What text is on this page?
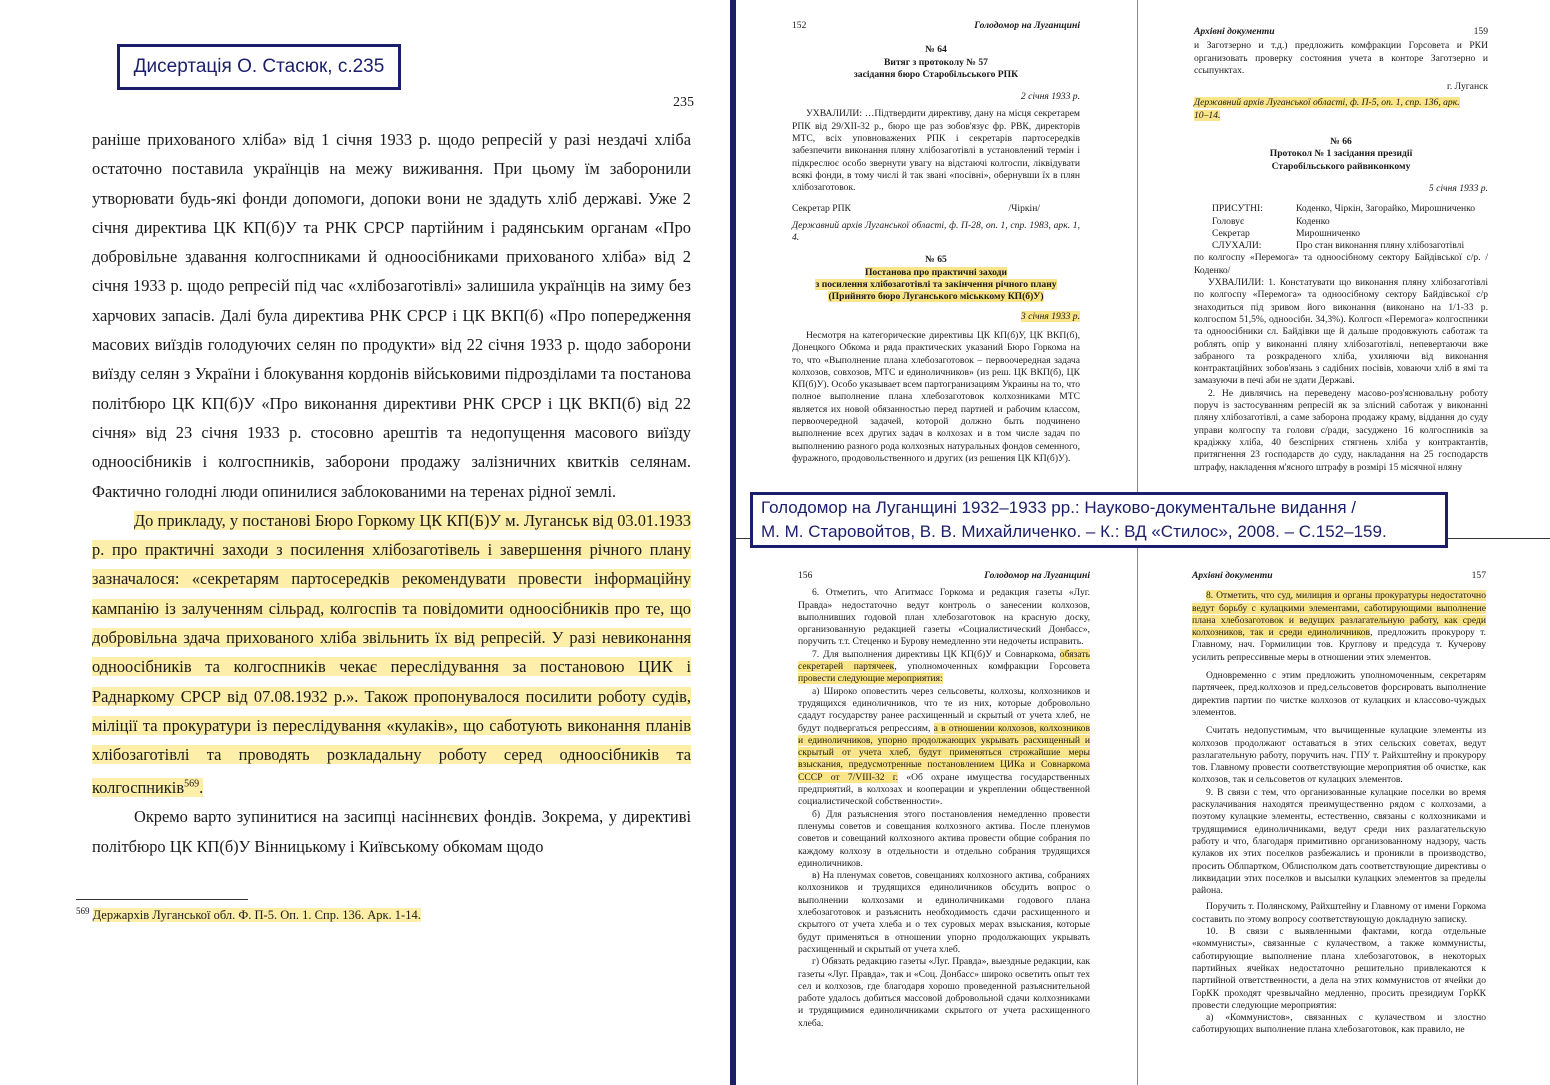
Дисертація О. Стасюк, с.235
235

раніше прихованого хліба» від 1 січня 1933 р. щодо репресій у разі нездачі хліба остаточно поставила українців на межу виживання. При цьому їм заборонили утворювати будь-які фонди допомоги, допоки вони не здадуть хліб державі. Уже 2 січня директива ЦК КП(б)У та РНК СРСР партійним і радянським органам «Про добровільне здавання колгоспниками й одноосібниками прихованого хліба» від 2 січня 1933 р. щодо репресій під час «хлібозаготівлі» залишила українців на зиму без харчових запасів. Далі була директива РНК СРСР і ЦК ВКП(б) «Про попередження масових виїздів голодуючих селян по продукти» від 22 січня 1933 р. щодо заборони виїзду селян з України і блокування кордонів військовими підрозділами та постанова політбюро ЦК КП(б)У «Про виконання директиви РНК СРСР і ЦК ВКП(б) від 22 січня» від 23 січня 1933 р. стосовно арештів та недопущення масового виїзду одноосібників і колгоспників, заборони продажу залізничних квитків селянам. Фактично голодні люди опинилися заблокованими на теренах рідної землі.

До прикладу, у постанові Бюро Горкому ЦК КП(Б)У м. Луганськ від 03.01.1933 р. про практичні заходи з посилення хлібозаготівель і завершення річного плану зазначалося: «секретарям партосередків рекомендувати провести інформаційну кампанію із залученням сільрад, колгоспів та повідомити одноосібників про те, що добровільна здача прихованого хліба звільнить їх від репресій. У разі невиконання одноосібників та колгоспників чекає переслідування за постановою ЦИК і Раднаркому СРСР від 07.08.1932 р.». Також пропонувалося посилити роботу судів, міліції та прокуратури із переслідування «кулаків», що саботують виконання планів хлібозаготівлі та проводять розкладальну роботу серед одноосібників та колгоспників$^{569}$.

Окремо варто зупинитися на засипці насіннєвих фондів. Зокрема, у директиві політбюро ЦК КП(б)У Вінницькому і Київському обкомам щодо

$^{569}$ Держархів Луганської обл. Ф. П-5. Оп. 1. Спр. 136. Арк. 1-14.
152	Голодомор на Луганщині

№ 64

Витяг з протоколу № 57

засідання бюро Старобільського РПК

2 січня 1933 р.

УХВАЛИЛИ: …Підтвердити директиву, дану на місця секретарем РПК від 29/ХІІ-32 р., бюро ще раз зобов'язує фр. РВК, директорів МТС, всіх уповноважених РПК і секретарів партосередків забезпечити виконання пляну хлібозаготівлі в установлений термін і підкреслює особо звернути увагу на відстаючі колгоспи, ліквідувати всякі фонди, в тому числі й так звані «посівні», обернувши їх в плян хлібозаготовок.

Секретар РПК	/Чіркін/

Державний архів Луганської області, ф. П-28, оп. 1, спр. 1983, арк. 1, 4.

№ 65

Постанова про практичні заходи

з посилення хлібозаготівлі та закінчення річного плану

(Прийнято бюро Луганського міськкому КП(б)У)

3 січня 1933 р.

Несмотря на категорические директивы ЦК КП(б)У, ЦК ВКП(б), Донецкого Обкома и ряда практических указаний Бюро Горкома на то, что «Выполнение плана хлебозаготовок – первоочередная задача колхозов, совхозов, МТС и единоличников» (из реш. ЦК ВКП(б), ЦК КП(б)У). Особо указывает всем партогранизациям Украины на то, что полное выполнение плана хлебозаготовок колхозниками МТС является их новой обязанностью перед партией и рабочим классом, первоочередной задачей, которой должно быть подчинено выполнение всех других задач в колхозах и в том числе задач по выполнению разного рода колхозных натуральных фондов семенного, фуражного, продовольственного и других (из решения ЦК КП(б)У).

Архівні документи	159

и Заготзерно и т.д.) предложить комфракции Горсовета и РКИ организовать проверку состояния учета в конторе Заготзерно и ссыпунктах.

г. Луганск

Державний архів Луганської області, ф. П-5, оп. 1, спр. 136, арк. 10–14.

№ 66

Протокол № 1 засідання президії

Старобільського райвиконкому

5 січня 1933 р.

ПРИСУТНІ:	Коденко, Чіркін, Загорайко, Мирошниченко
Головує	Коденко
Секретар	Мирошниченко
СЛУХАЛИ:	Про стан виконання пляну хлібозаготівлі

по колгоспу «Перемога» та одноосібному сектору Байдівської с/р. /Коденко/

УХВАЛИЛИ: 1. Констатувати що виконання пляну хлібозаготівлі по колгоспу «Перемога» та одноосібному сектору Байдівської с/р знаходиться під зривом його виконання (виконано на 1/1-33 р. колгоспом 51,5%, одноосібн. 34,3%). Колгосп «Перемога» колгоспники та одноосібники сл. Байдівки ще й дальше продовжують саботаж та роблять опір у виконанні пляну хлібозаготівлі, непевертаючи вже забраного та розкраденого хліба, ухиляючи від виконання контрактаційних зобов'язань з садібних посівів, ховаючи хліб в ямі та замазуючи в печі аби не здати Державі.

2. Не дивлячись на переведену масово-роз'яснювальну роботу поруч із застосуванням репресій як за злісний саботаж у виконанні пляну хлібозаготівлі, а саме заборона продажу краму, віддання до суду управи колгоспу та голови с/ради, засуджено 16 колгоспників за крадіжку хліба, 40 безспірних стягнень хліба у контрактантів, притягнення 23 господарств до суду, накладання на 25 господарств штрафу, накладення м'ясного штрафу в розмірі 15 місячної нляну

Голодомор на Луганщині 1932–1933 рр.: Науково-документальне видання /
М. М. Старовойтов, В. В. Михайличенко. – К.: ВД «Стилос», 2008. – С.152–159.
156	Голодомор на Луганщині

6. Отметить, что Агитмасс Горкома и редакция газеты «Луг. Правда» недостаточно ведут контроль о занесении колхозов, выполнивших годовой план хлебозаготовок на красную доску, организованную редакцией газеты «Социалистический Донбасс», поручить т.т. Стеценко и Бурову немедленно эти недочеты исправить.

7. Для выполнения директивы ЦК КП(б)У и Совнаркома, обязать секретарей партячеек, уполномоченных комфракции Горсовета провести следующие мероприятия:

а) Широко оповестить через сельсоветы, колхозы, колхозников и трудящихся единоличников, что те из них, которые добровольно сдадут государству ранее расхищенный и скрытый от учета хлеб, не будут подвергаться репрессиям, а в отношении колхозов, колхозников и единоличников, упорно продолжающих укрывать расхищенный и скрытый от учета хлеб, будут применяться строжайшие меры взыскания, предусмотренные постановлением ЦИКа и Совнаркома СССР от 7/VIII-32 г. «Об охране имущества государственных предприятий, в колхозах и кооперации и укреплении общественной социалистической собственности».

б) Для разъяснения этого постановления немедленно провести пленумы советов и совещания колхозного актива. После пленумов советов и совещаний колхозного актива провести общие собрания по каждому колхозу в отдельности и отдельно собрания трудящихся единоличников.

в) На пленумах советов, совещаниях колхозного актива, собраниях колхозников и трудящихся единоличников обсудить вопрос о выполнении колхозами и единоличниками годового плана хлебозаготовок и разъяснить необходимость сдачи расхищенного и скрытого от учета хлеба и о тех суровых мерах взыскания, которые будут применяться в отношении упорно продолжающих укрывать расхищенный и скрытый от учета хлеб.

г) Обязать редакцию газеты «Луг. Правда», выездные редакции, как газеты «Луг. Правда», так и «Соц. Донбасс» широко осветить опыт тех сел и колхозов, где благодаря хорошо проведенной разъяснительной работе удалось добиться массовой добровольной сдачи колхозниками и трудящимися единоличниками скрытого от учета расхищенного хлеба.

Архівні документи	157

8. Отметить, что суд, милиция и органы прокуратуры недостаточно ведут борьбу с кулацкими элементами, саботирующими выполнение плана хлебозаготовок и ведущих разлагательную работу, как среди колхозников, так и среди единоличников, предложить прокурору т. Главному, нач. Гормилиции тов. Круглову и предсуда т. Кучерову усилить репрессивные меры в отношении этих элементов.

Одновременно с этим предложить уполномоченным, секретарям партячеек, пред.колхозов и пред.сельсоветов форсировать выполнение директив партии по чистке колхозов от кулацких и классово-чуждых элементов.

Считать недопустимым, что вычищенные кулацкие элементы из колхозов продолжают оставаться в этих сельских советах, ведут разлагательную работу, поручить нач. ГПУ т. Райхштейну и прокурору тов. Главному провести соответствующие мероприятия об очистке, как колхозов, так и сельсоветов от кулацких элементов.

9. В связи с тем, что организованные кулацкие поселки во время раскулачивания находятся преимущественно рядом с колхозами, а поэтому кулацкие элементы, естественно, связаны с колхозниками и трудящимися единоличниками, ведут среди них разлагательскую работу и что, благодаря примитивно организованному надзору, часть кулаков их этих поселков разбежались и проникли в производство, просить Облпартком, Облисполком дать соответствующие директивы о ликвидации этих поселков и высылки кулацких элементов за пределы района.

Поручить т. Полянскому, Райхштейну и Главному от имени Горкома составить по этому вопросу соответствующую докладную записку.

10. В связи с выявленными фактами, когда отдельные «коммунисты», связанные с кулачеством, а также коммунисты, саботирующие выполнение плана хлебозаготовок, в некоторых партийных ячейках недостаточно решительно привлекаются к партийной ответственности, а дела на этих коммунистов от ячейки до ГорКК проходят чрезвычайно медленно, просить президиум ГорКК провести следующие мероприятия:

а) «Коммунистов», связанных с кулачеством и злостно саботирующих выполнение плана хлебозаготовок, как правило, не
